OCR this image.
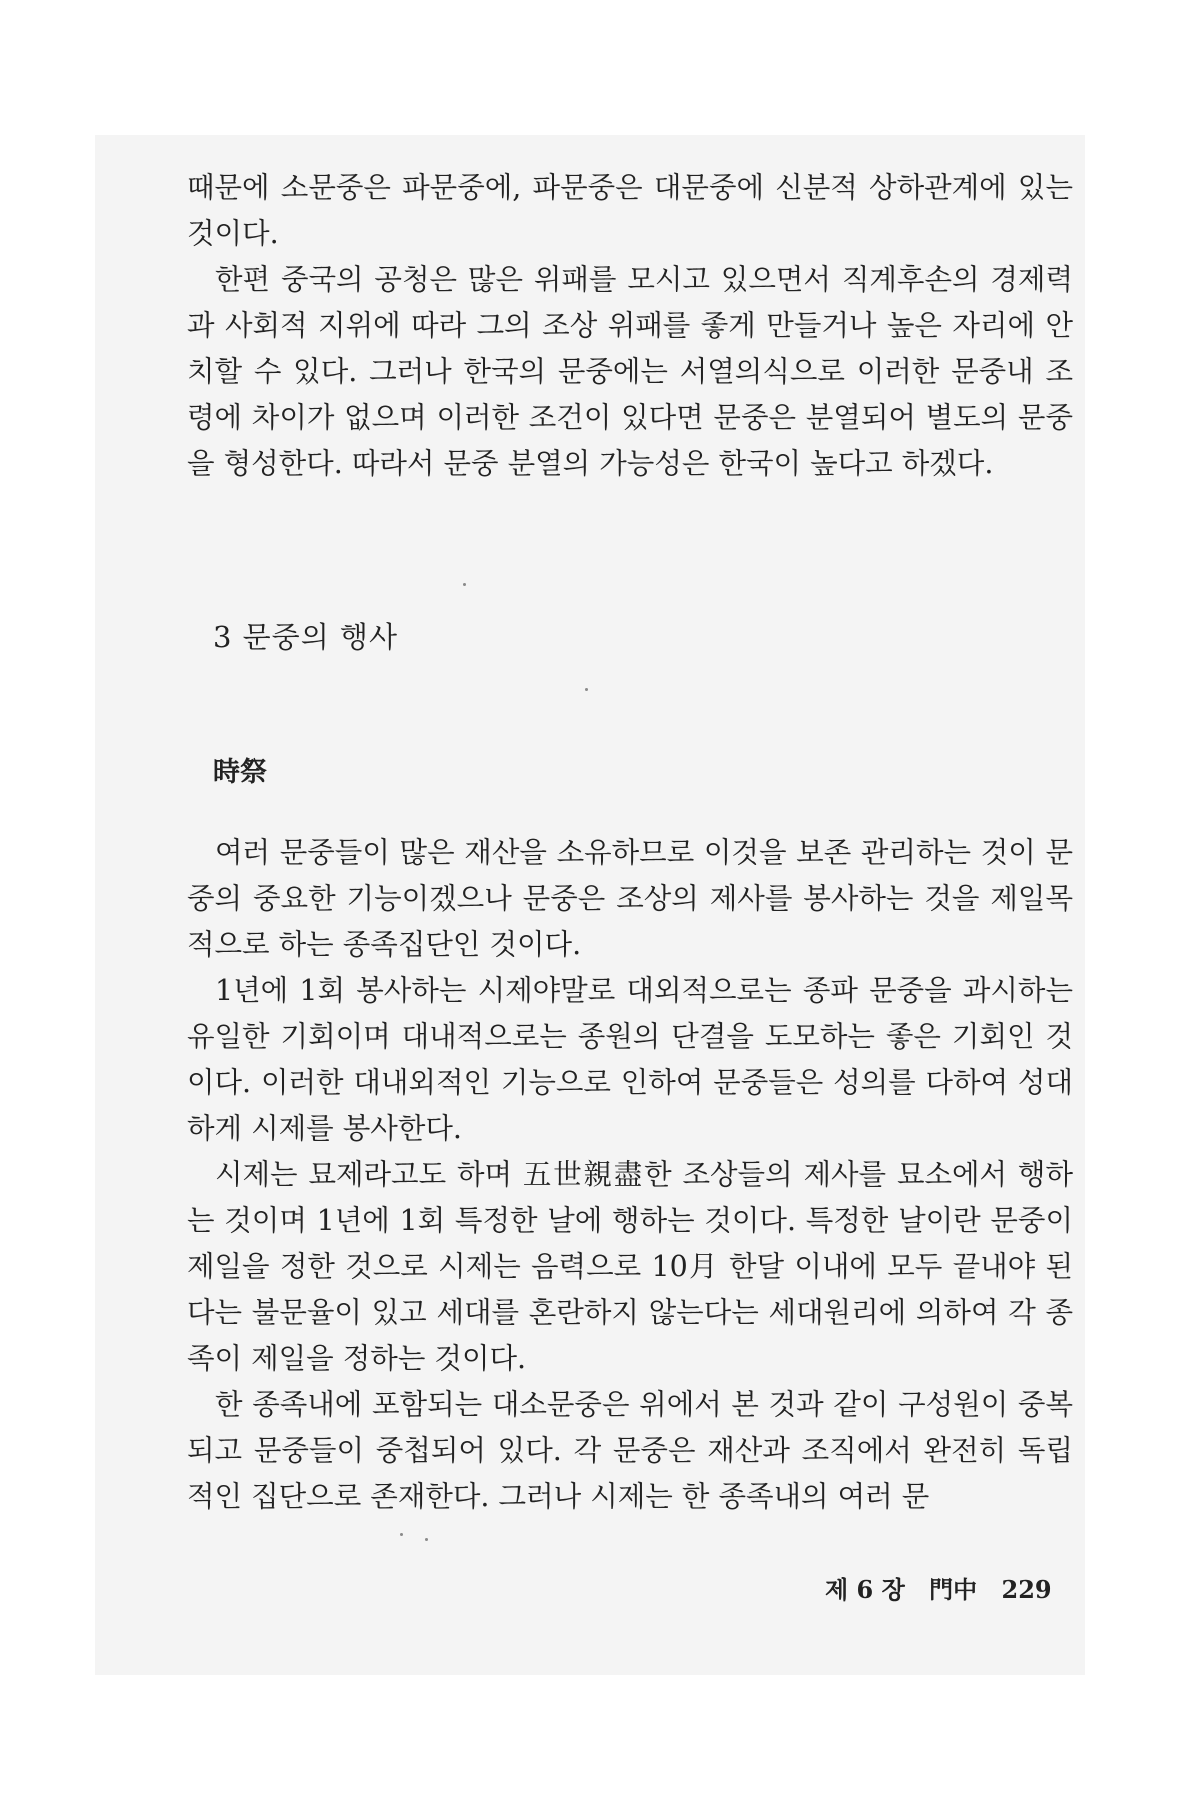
때문에 소문중은 파문중에, 파문중은 대문중에 신분적 상하관계에 있는 것이다.

한편 중국의 공청은 많은 위패를 모시고 있으면서 직계후손의 경제력과 사회적 지위에 따라 그의 조상 위패를 좋게 만들거나 높은 자리에 안치할 수 있다. 그러나 한국의 문중에는 서열의식으로 이러한 문중내 조령에 차이가 없으며 이러한 조건이 있다면 문중은 분열되어 별도의 문중을 형성한다. 따라서 문중 분열의 가능성은 한국이 높다고 하겠다.

3 문중의 행사
時祭

여러 문중들이 많은 재산을 소유하므로 이것을 보존 관리하는 것이 문중의 중요한 기능이겠으나 문중은 조상의 제사를 봉사하는 것을 제일목적으로 하는 종족집단인 것이다.

1년에 1회 봉사하는 시제야말로 대외적으로는 종파 문중을 과시하는 유일한 기회이며 대내적으로는 종원의 단결을 도모하는 좋은 기회인 것이다. 이러한 대내외적인 기능으로 인하여 문중들은 성의를 다하여 성대하게 시제를 봉사한다.

시제는 묘제라고도 하며 五世親盡한 조상들의 제사를 묘소에서 행하는 것이며 1년에 1회 특정한 날에 행하는 것이다. 특정한 날이란 문중이 제일을 정한 것으로 시제는 음력으로 10月 한달 이내에 모두 끝내야 된다는 불문율이 있고 세대를 혼란하지 않는다는 세대원리에 의하여 각 종족이 제일을 정하는 것이다.

한 종족내에 포함되는 대소문중은 위에서 본 것과 같이 구성원이 중복되고 문중들이 중첩되어 있다. 각 문중은 재산과 조직에서 완전히 독립적인 집단으로 존재한다. 그러나 시제는 한 종족내의 여러 문

제 6 장 門中 229
